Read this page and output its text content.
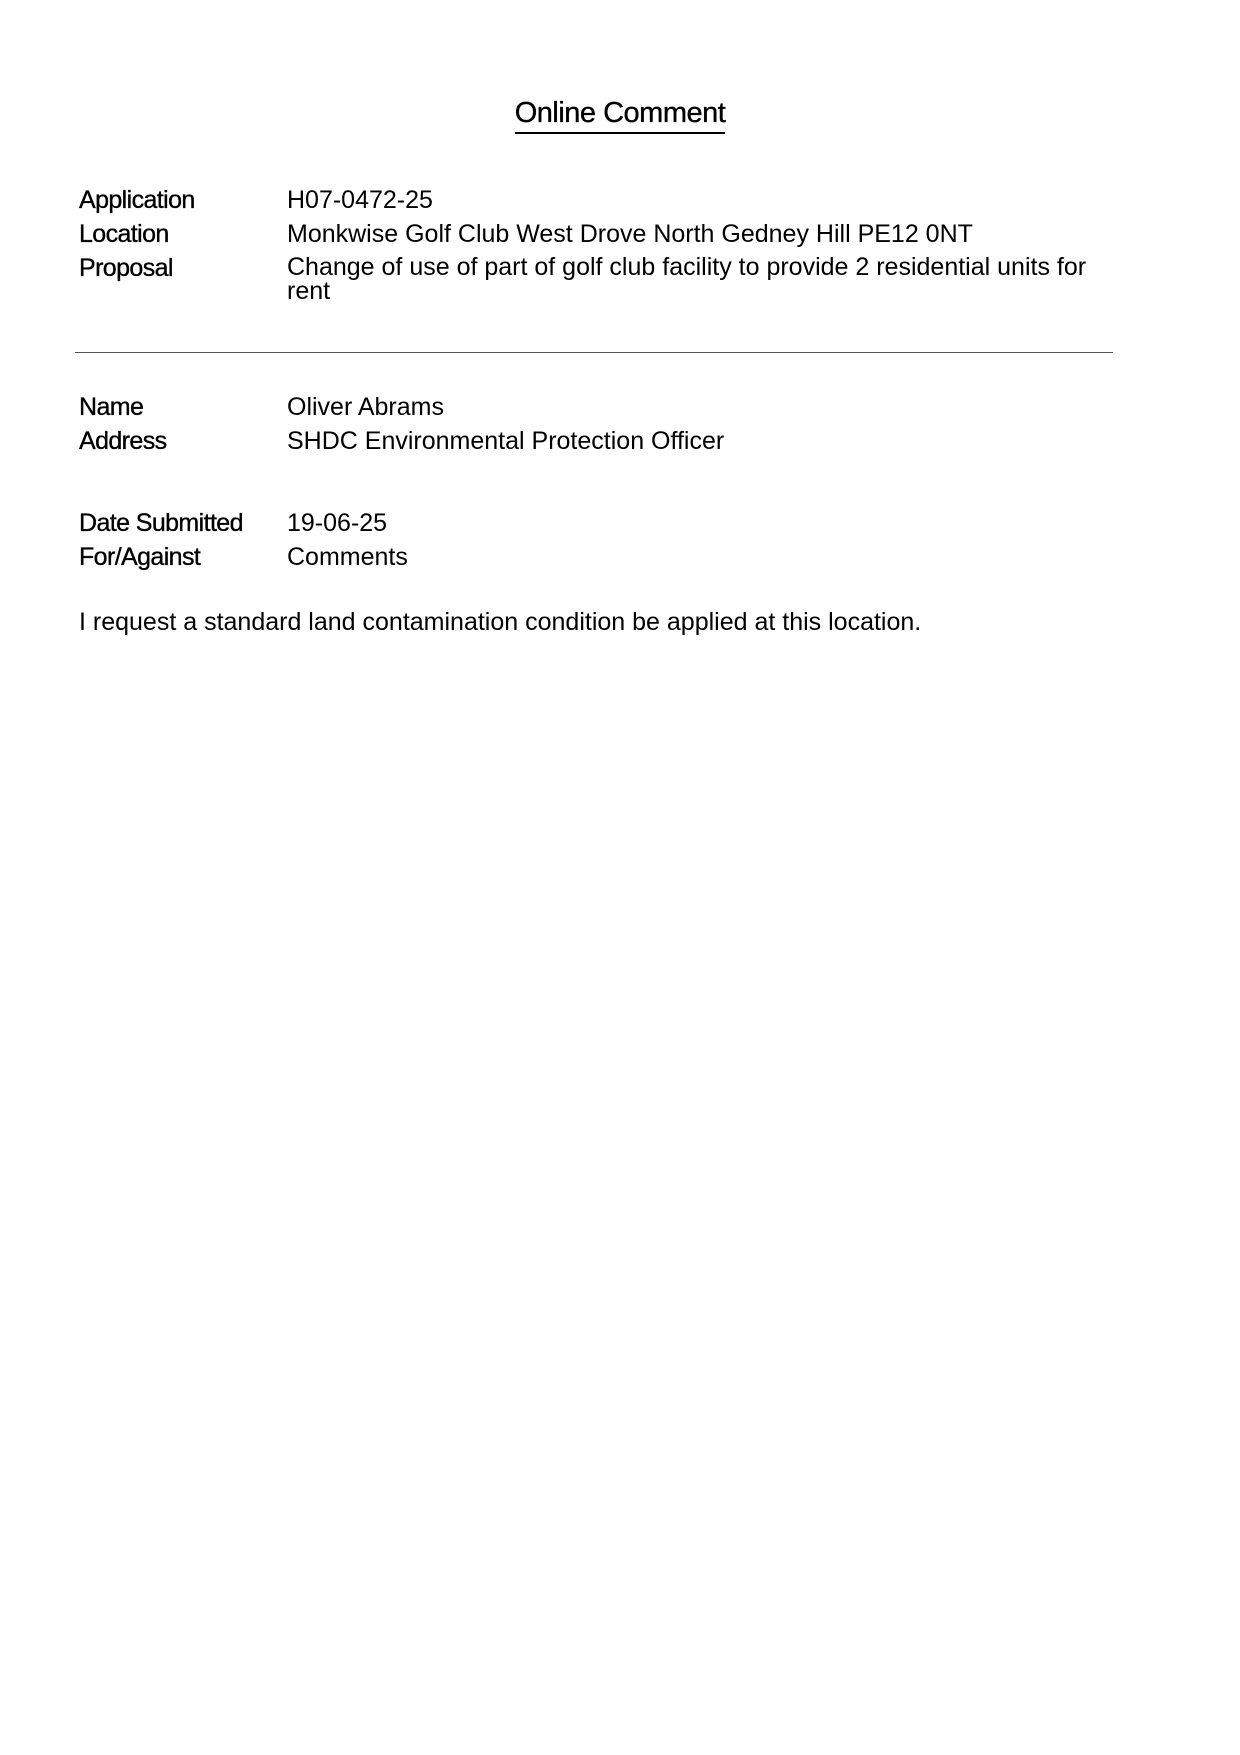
Online Comment
Application	H07-0472-25
Location	Monkwise Golf Club West Drove North Gedney Hill PE12 0NT
Proposal	Change of use of part of golf club facility to provide 2 residential units for rent
Name	Oliver Abrams
Address	SHDC Environmental Protection Officer
Date Submitted 19-06-25
For/Against	Comments
I request a standard land contamination condition be applied at this location.
